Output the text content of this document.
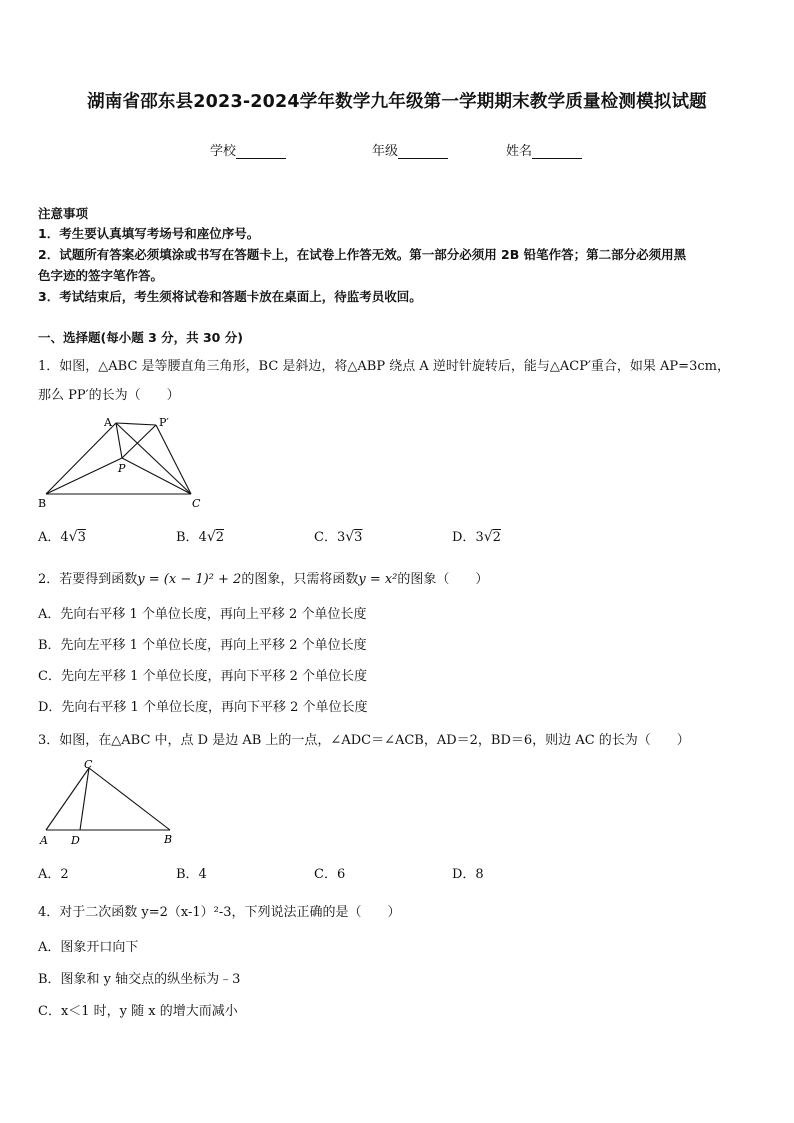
湖南省邵东县2023-2024学年数学九年级第一学期期末教学质量检测模拟试题
学校	年级	姓名
注意事项
1．考生要认真填写考场号和座位序号。
2．试题所有答案必须填涂或书写在答题卡上，在试卷上作答无效。第一部分必须用 2B 铅笔作答；第二部分必须用黑
色字迹的签字笔作答。
3．考试结束后，考生须将试卷和答题卡放在桌面上，待监考员收回。
一、选择题(每小题 3 分，共 30 分)
1．如图，△ABC 是等腰直角三角形，BC 是斜边，将△ABP 绕点 A 逆时针旋转后，能与△ACP′重合，如果 AP=3cm，
那么 PP′的长为（　　）
A	P′
P
B	C
A．4√3	B．4√2	C．3√3	D．3√2
2．若要得到函数y = (x − 1)² + 2的图象，只需将函数y = x²的图象（　　）
A．先向右平移 1 个单位长度，再向上平移 2 个单位长度
B．先向左平移 1 个单位长度，再向上平移 2 个单位长度
C．先向左平移 1 个单位长度，再向下平移 2 个单位长度
D．先向右平移 1 个单位长度，再向下平移 2 个单位长度
3．如图，在△ABC 中，点 D 是边 AB 上的一点，∠ADC＝∠ACB，AD＝2，BD＝6，则边 AC 的长为（　　）
C
A D	B
A．2	B．4	C．6	D．8
4．对于二次函数 y=2（x-1）²-3，下列说法正确的是（　　）
A．图象开口向下
B．图象和 y 轴交点的纵坐标为﹣3
C．x＜1 时，y 随 x 的增大而减小
